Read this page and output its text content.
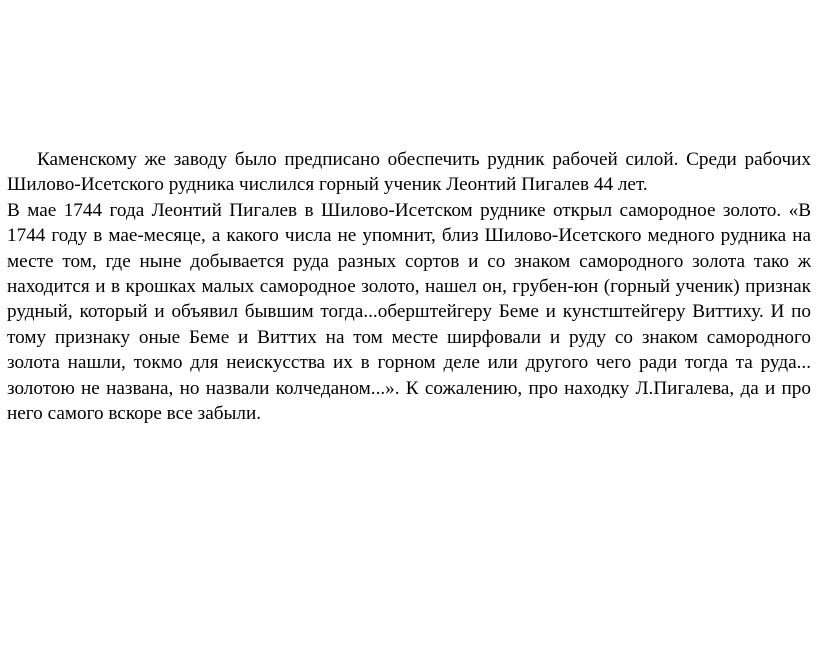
Каменскому же заводу было предписано обеспечить рудник рабочей силой. Среди рабочих Шилово-Исетского рудника числился горный ученик Леонтий Пигалев 44 лет.

В мае 1744 года Леонтий Пигалев в Шилово-Исетском руднике открыл самородное золото. «В 1744 году в мае-месяце, а какого числа не упомнит, близ Шилово-Исетского медного рудника на месте том, где ныне добывается руда разных сортов и со знаком самородного золота тако ж находится и в крошках малых самородное золото, нашел он, грубен-юн (горный ученик) признак рудный, который и объявил бывшим тогда...оберштейгеру Беме и кунстштейгеру Виттиху. И по тому признаку оные Беме и Виттих на том месте ширфовали и руду со знаком самородного золота нашли, токмо для неискусства их в горном деле или другого чего ради тогда та руда... золотою не названа, но назвали колчеданом...». К сожалению, про находку Л.Пигалева, да и про него самого вскоре все забыли.
